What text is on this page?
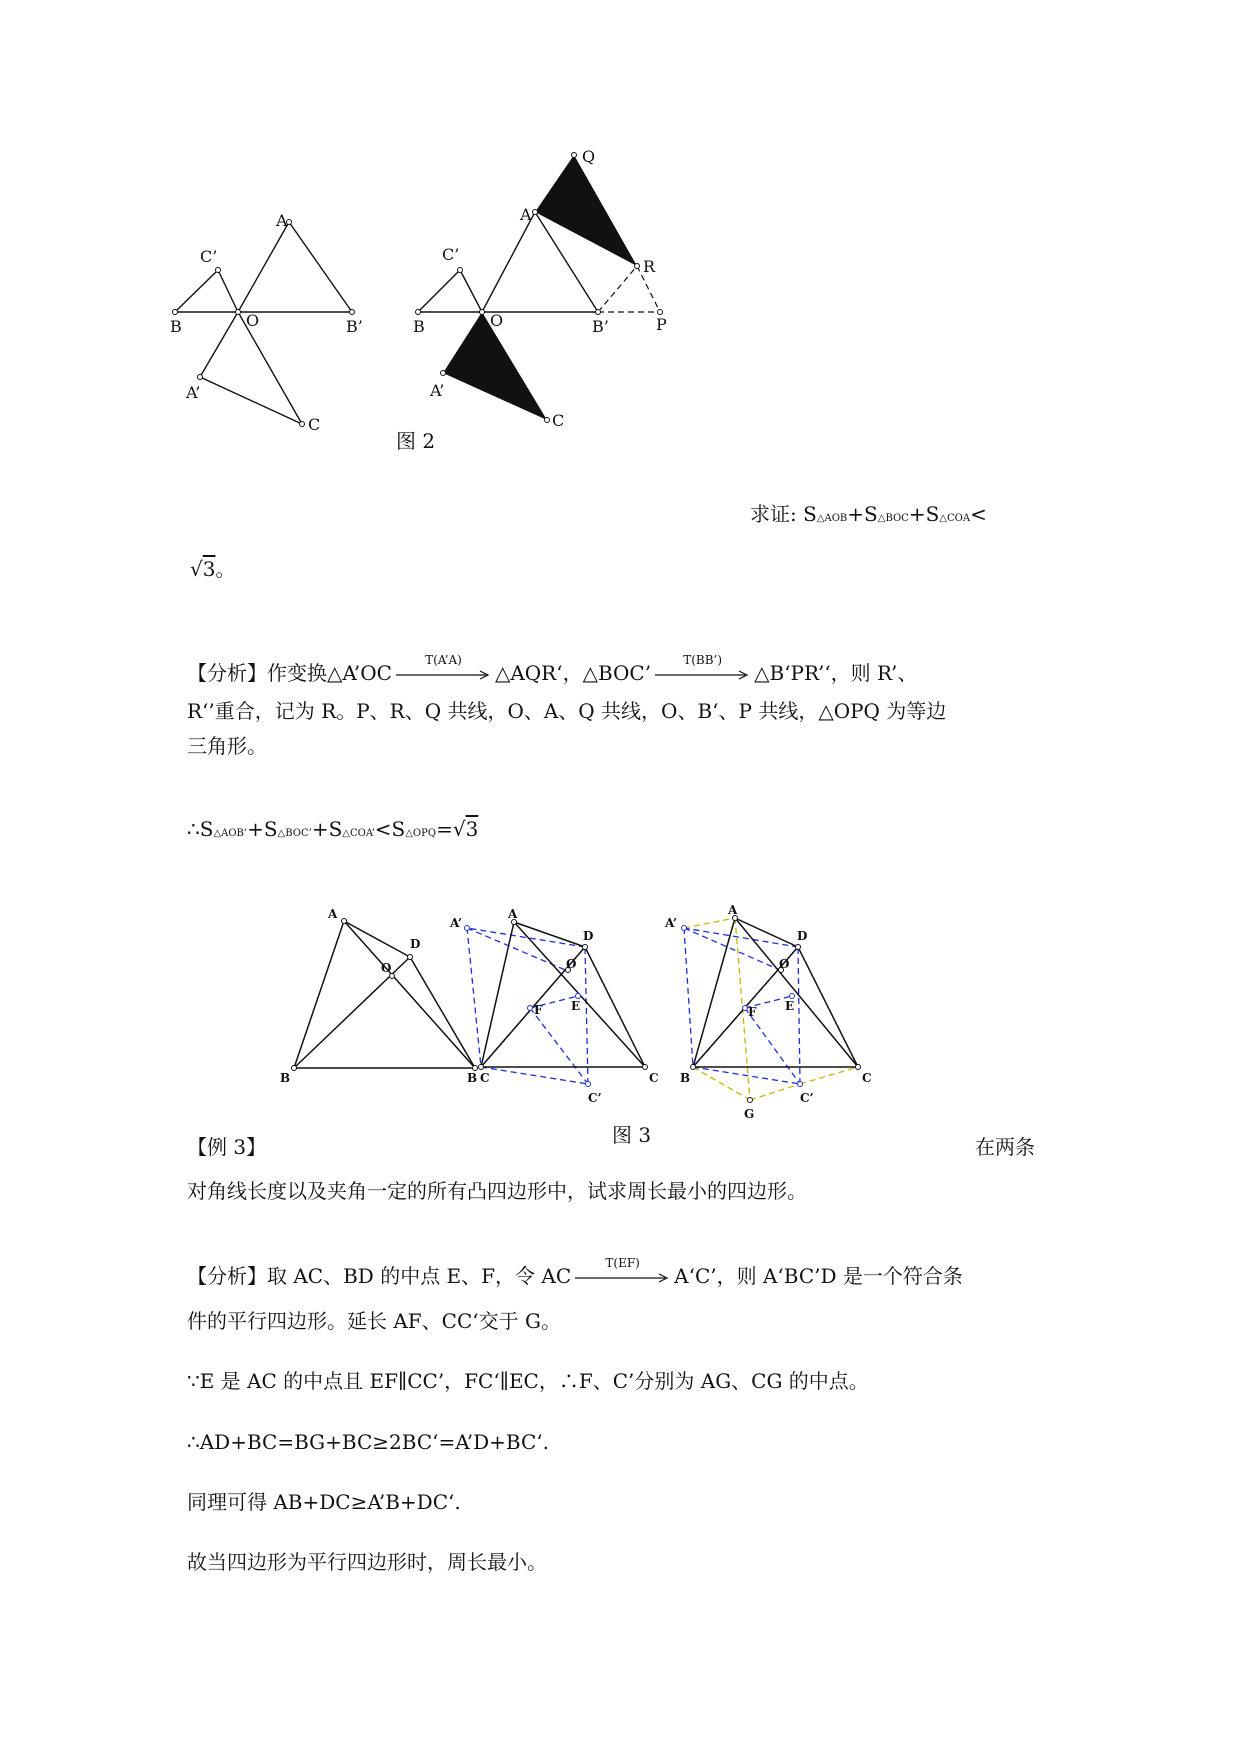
A
C’
B	O	B’
A’
C
Q
A
R
C’
B	O	B’	P
A’
C
图 2
求证: S△AOB+S△BOC+S△COA<
√3。
【分析】作变换△A’OC
T(A’A)
△AQR‘，△BOC’
T(BB’)
△B‘PR’‘，则 R’、
R‘’重合，记为 R。P、R、Q 共线，O、A、Q 共线，O、B‘、P 共线，△OPQ 为等边
三角形。
∴S△AOB’+S△BOC’+S△COA’<S△OPQ=√3
A
D
O
B	C
A’
A
D
O
E
F
B	C
C’
A’
A
D
O
E
F
B	C
C’
G
图 3
【例 3】	在两条
对角线长度以及夹角一定的所有凸四边形中，试求周长最小的四边形。
【分析】取 AC、BD 的中点 E、F，令 AC
T(EF)
A‘C’，则 A‘BC’D 是一个符合条
件的平行四边形。延长 AF、CC‘交于 G。
∵E 是 AC 的中点且 EF∥CC’，FC‘∥EC，∴F、C’分别为 AG、CG 的中点。
∴AD+BC=BG+BC≥2BC‘=A’D+BC‘.
同理可得 AB+DC≥A’B+DC‘.
故当四边形为平行四边形时，周长最小。
